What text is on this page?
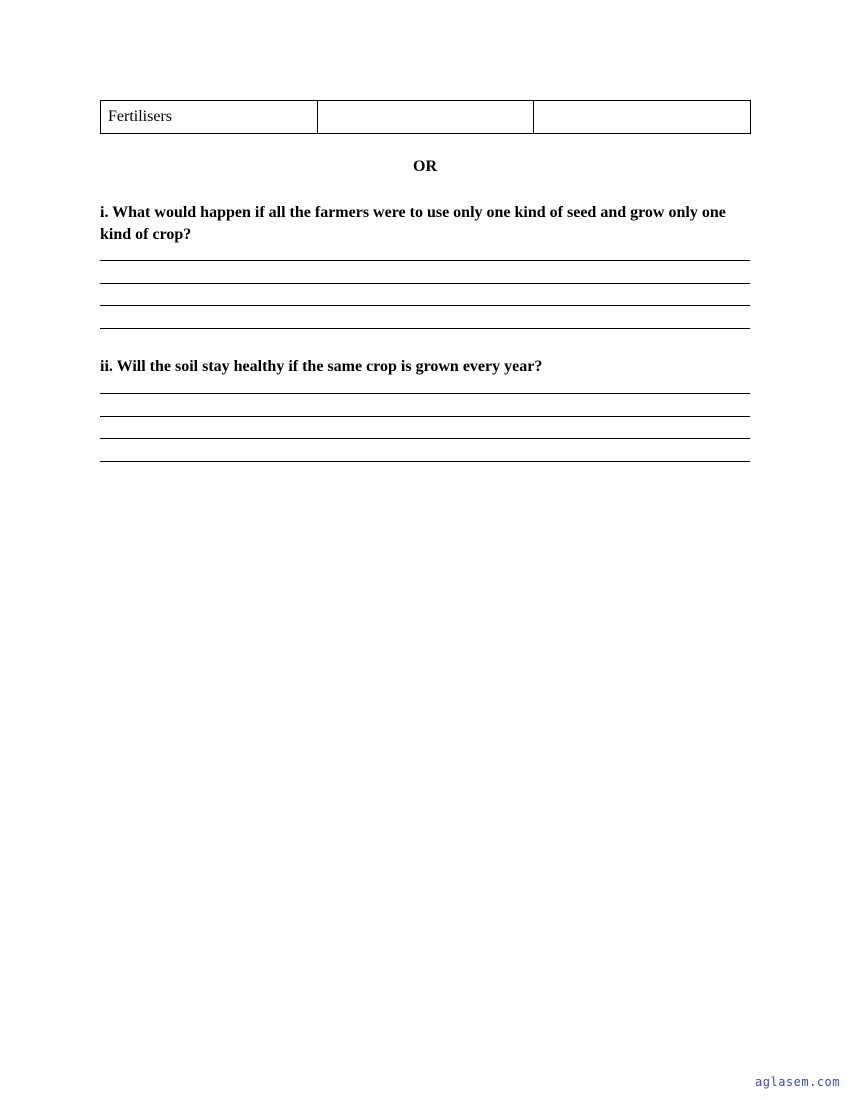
Fertilisers		
OR
i. What would happen if all the farmers were to use only one kind of seed and grow only one kind of crop?
ii. Will the soil stay healthy if the same crop is grown every year?
aglasem.com
